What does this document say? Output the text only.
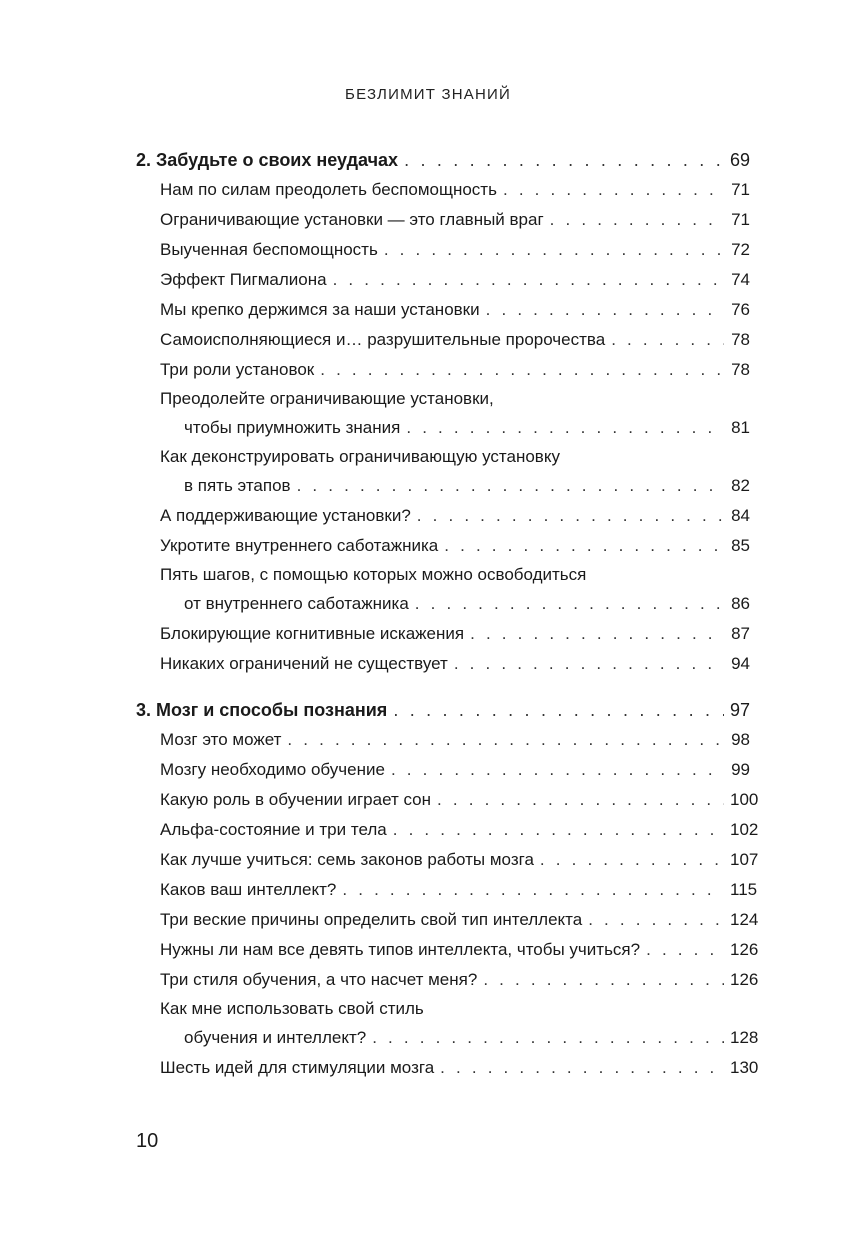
БЕЗЛИМИТ ЗНАНИЙ
2. Забудьте о своих неудачах . . .	69
Нам по силам преодолеть беспомощность . . .	71
Ограничивающие установки — это главный враг . . .	71
Выученная беспомощность . . .	72
Эффект Пигмалиона . . .	74
Мы крепко держимся за наши установки . . .	76
Самоисполняющиеся и… разрушительные пророчества . . .	78
Три роли установок . . .	78
Преодолейте ограничивающие установки,
чтобы приумножить знания . . .	81
Как деконструировать ограничивающую установку
в пять этапов . . .	82
А поддерживающие установки? . . .	84
Укротите внутреннего саботажника . . .	85
Пять шагов, с помощью которых можно освободиться
от внутреннего саботажника . . .	86
Блокирующие когнитивные искажения . . .	87
Никаких ограничений не существует . . .	94
3. Мозг и способы познания . . .	97
Мозг это может . . .	98
Мозгу необходимо обучение . . .	99
Какую роль в обучении играет сон . . .	100
Альфа-состояние и три тела . . .	102
Как лучше учиться: семь законов работы мозга . . .	107
Каков ваш интеллект? . . .	115
Три веские причины определить свой тип интеллекта . . .	124
Нужны ли нам все девять типов интеллекта, чтобы учиться? . . .	126
Три стиля обучения, а что насчет меня? . . .	126
Как мне использовать свой стиль
обучения и интеллект? . . .	128
Шесть идей для стимуляции мозга . . .	130
10
